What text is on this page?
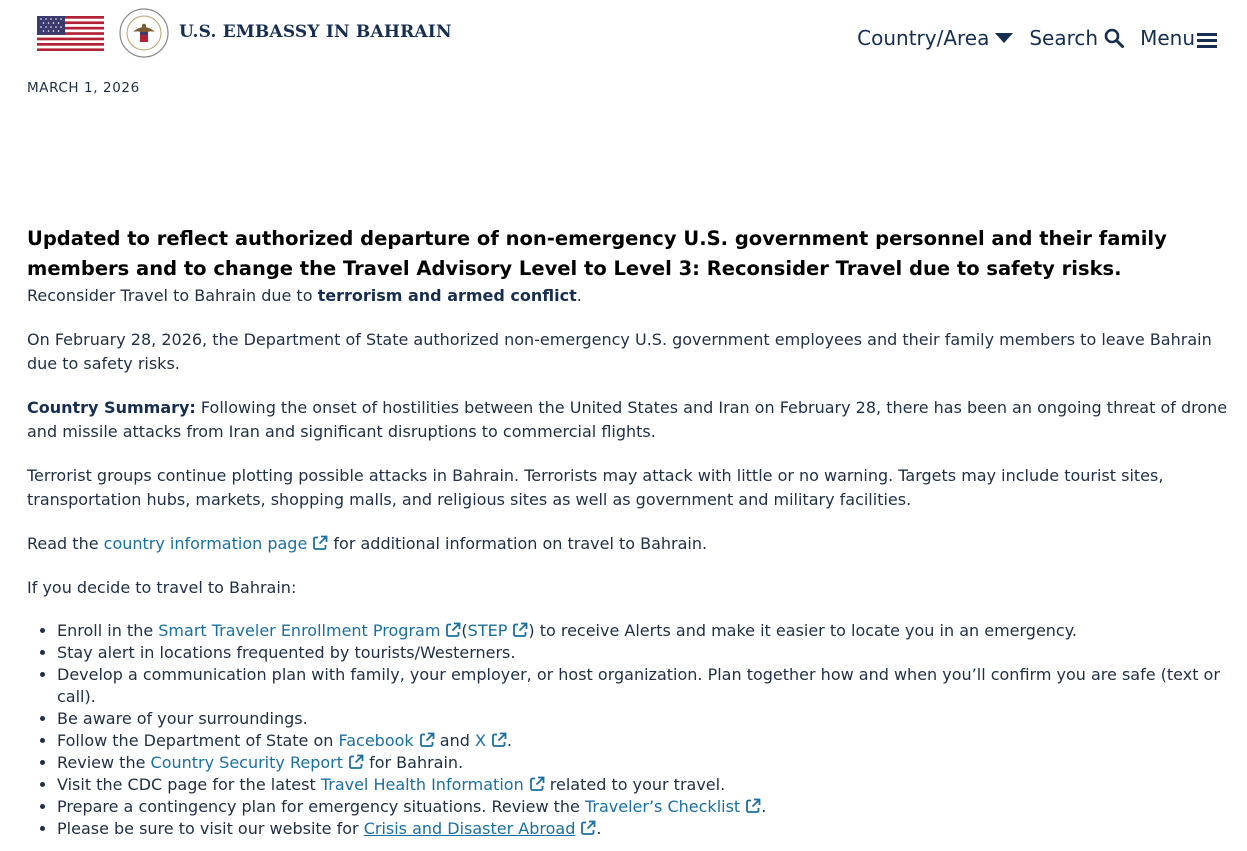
U.S. EMBASSY IN BAHRAIN	Country/Area Search Menu
MARCH 1, 2026
Updated to reflect authorized departure of non-emergency U.S. government personnel and their family members and to change the Travel Advisory Level to Level 3: Reconsider Travel due to safety risks.

Reconsider Travel to Bahrain due to terrorism and armed conflict.

On February 28, 2026, the Department of State authorized non-emergency U.S. government employees and their family members to leave Bahrain due to safety risks.

Country Summary: Following the onset of hostilities between the United States and Iran on February 28, there has been an ongoing threat of drone and missile attacks from Iran and significant disruptions to commercial flights.

Terrorist groups continue plotting possible attacks in Bahrain. Terrorists may attack with little or no warning. Targets may include tourist sites, transportation hubs, markets, shopping malls, and religious sites as well as government and military facilities.

Read the country information page for additional information on travel to Bahrain.

If you decide to travel to Bahrain:

• Enroll in the Smart Traveler Enrollment Program (STEP ) to receive Alerts and make it easier to locate you in an emergency.
• Stay alert in locations frequented by tourists/Westerners.
• Develop a communication plan with family, your employer, or host organization. Plan together how and when you’ll confirm you are safe (text or call).
• Be aware of your surroundings.
• Follow the Department of State on Facebook and X .
• Review the Country Security Report for Bahrain.
• Visit the CDC page for the latest Travel Health Information related to your travel.
• Prepare a contingency plan for emergency situations. Review the Traveler’s Checklist .
• Please be sure to visit our website for Crisis and Disaster Abroad .
